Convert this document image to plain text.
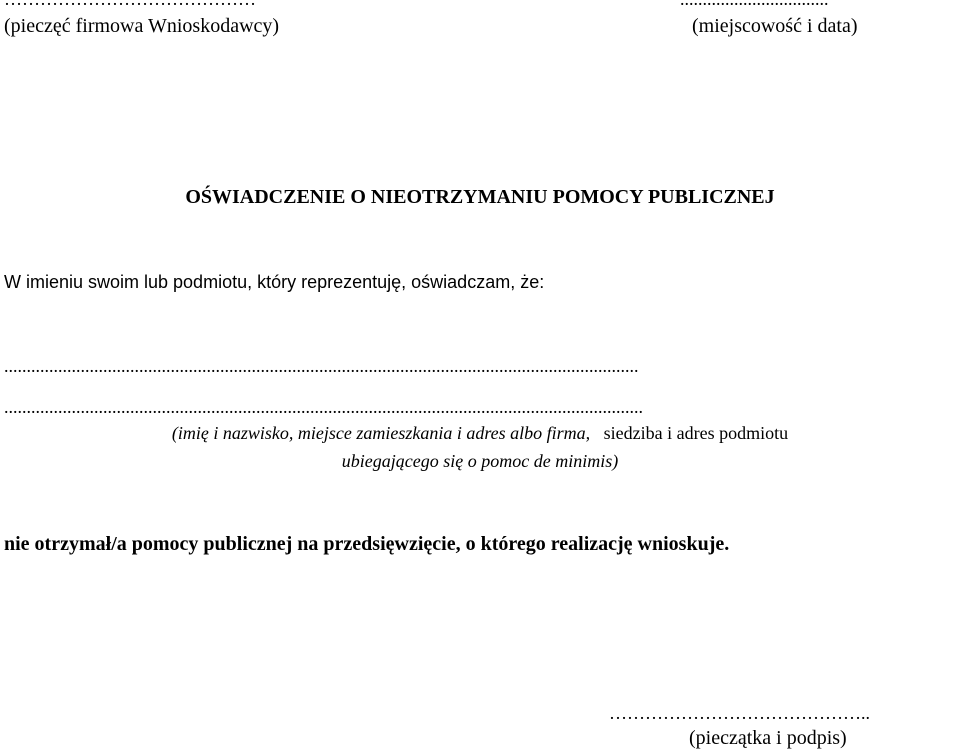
(pieczęć firmowa Wnioskodawcy)	(miejscowość i data)
OŚWIADCZENIE O NIEOTRZYMANIU POMOCY PUBLICZNEJ
W imieniu swoim lub podmiotu, który reprezentuję, oświadczam, że:
.............................................................................................................................................
..............................................................................................................................................
(imię i nazwisko, miejsce zamieszkania i adres albo firma, siedziba i adres podmiotu
ubiegającego się o pomoc de minimis)
nie otrzymał/a pomocy publicznej na przedsięwzięcie, o którego realizację wnioskuje.
……………………………………..
(pieczątka i podpis)
